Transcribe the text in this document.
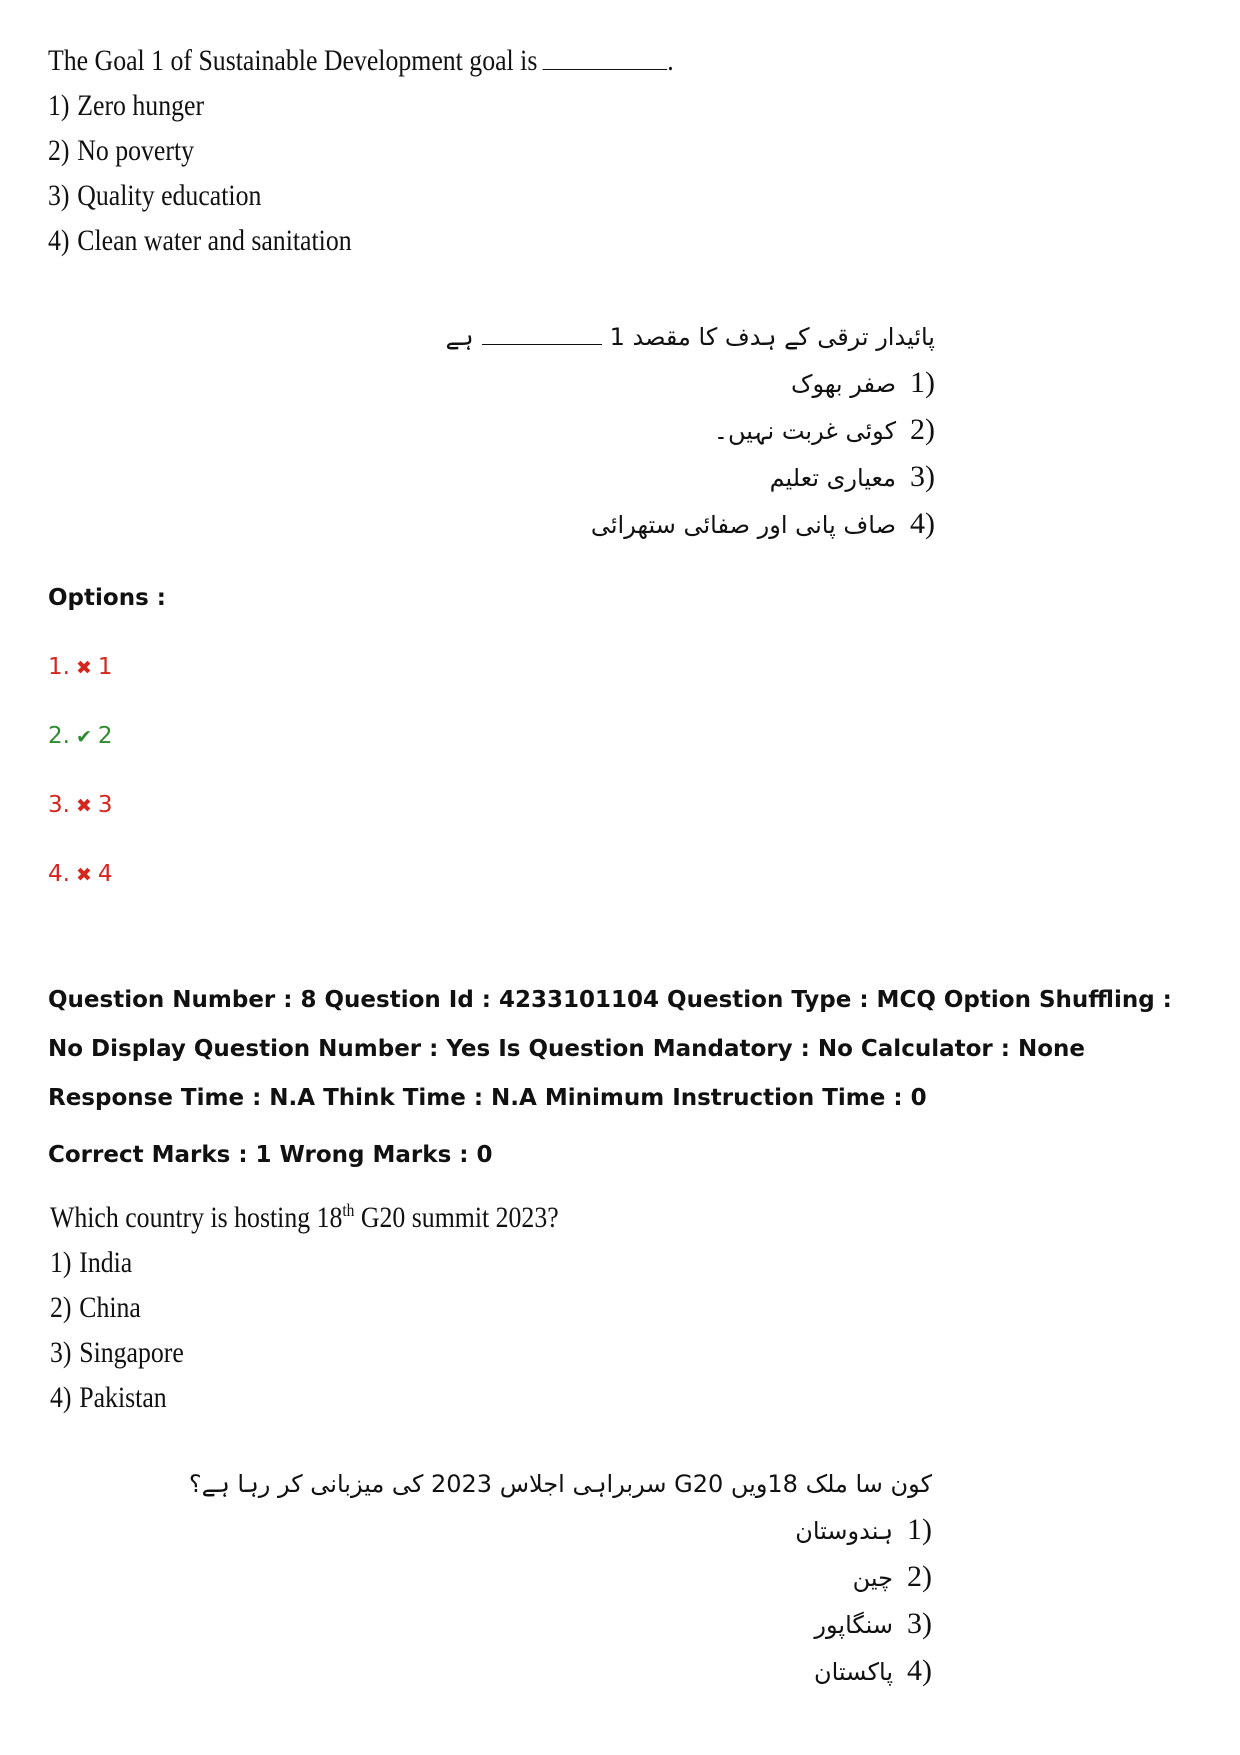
The Goal 1 of Sustainable Development goal is	.
1) Zero hunger
2) No poverty
3) Quality education
4) Clean water and sanitation
پائیدار ترقی کے ہدف کا مقصد 1ہے
1)صفر بھوک
2)کوئی غربت نہیں۔
3)معیاری تعلیم
4)صاف پانی اور صفائی ستھرائی
Options :
1. ✖ 1
2. ✔ 2
3. ✖ 3
4. ✖ 4
Question Number : 8 Question Id : 4233101104 Question Type : MCQ Option Shuffling : No Display Question Number : Yes Is Question Mandatory : No Calculator : None Response Time : N.A Think Time : N.A Minimum Instruction Time : 0
Correct Marks : 1 Wrong Marks : 0
Which country is hosting 18th G20 summit 2023?
1) India
2) China
3) Singapore
4) Pakistan
کون سا ملک 18ویں G20 سربراہی اجلاس 2023 کی میزبانی کر رہا ہے؟
1)ہندوستان
2)چین
3)سنگاپور
4)پاکستان
